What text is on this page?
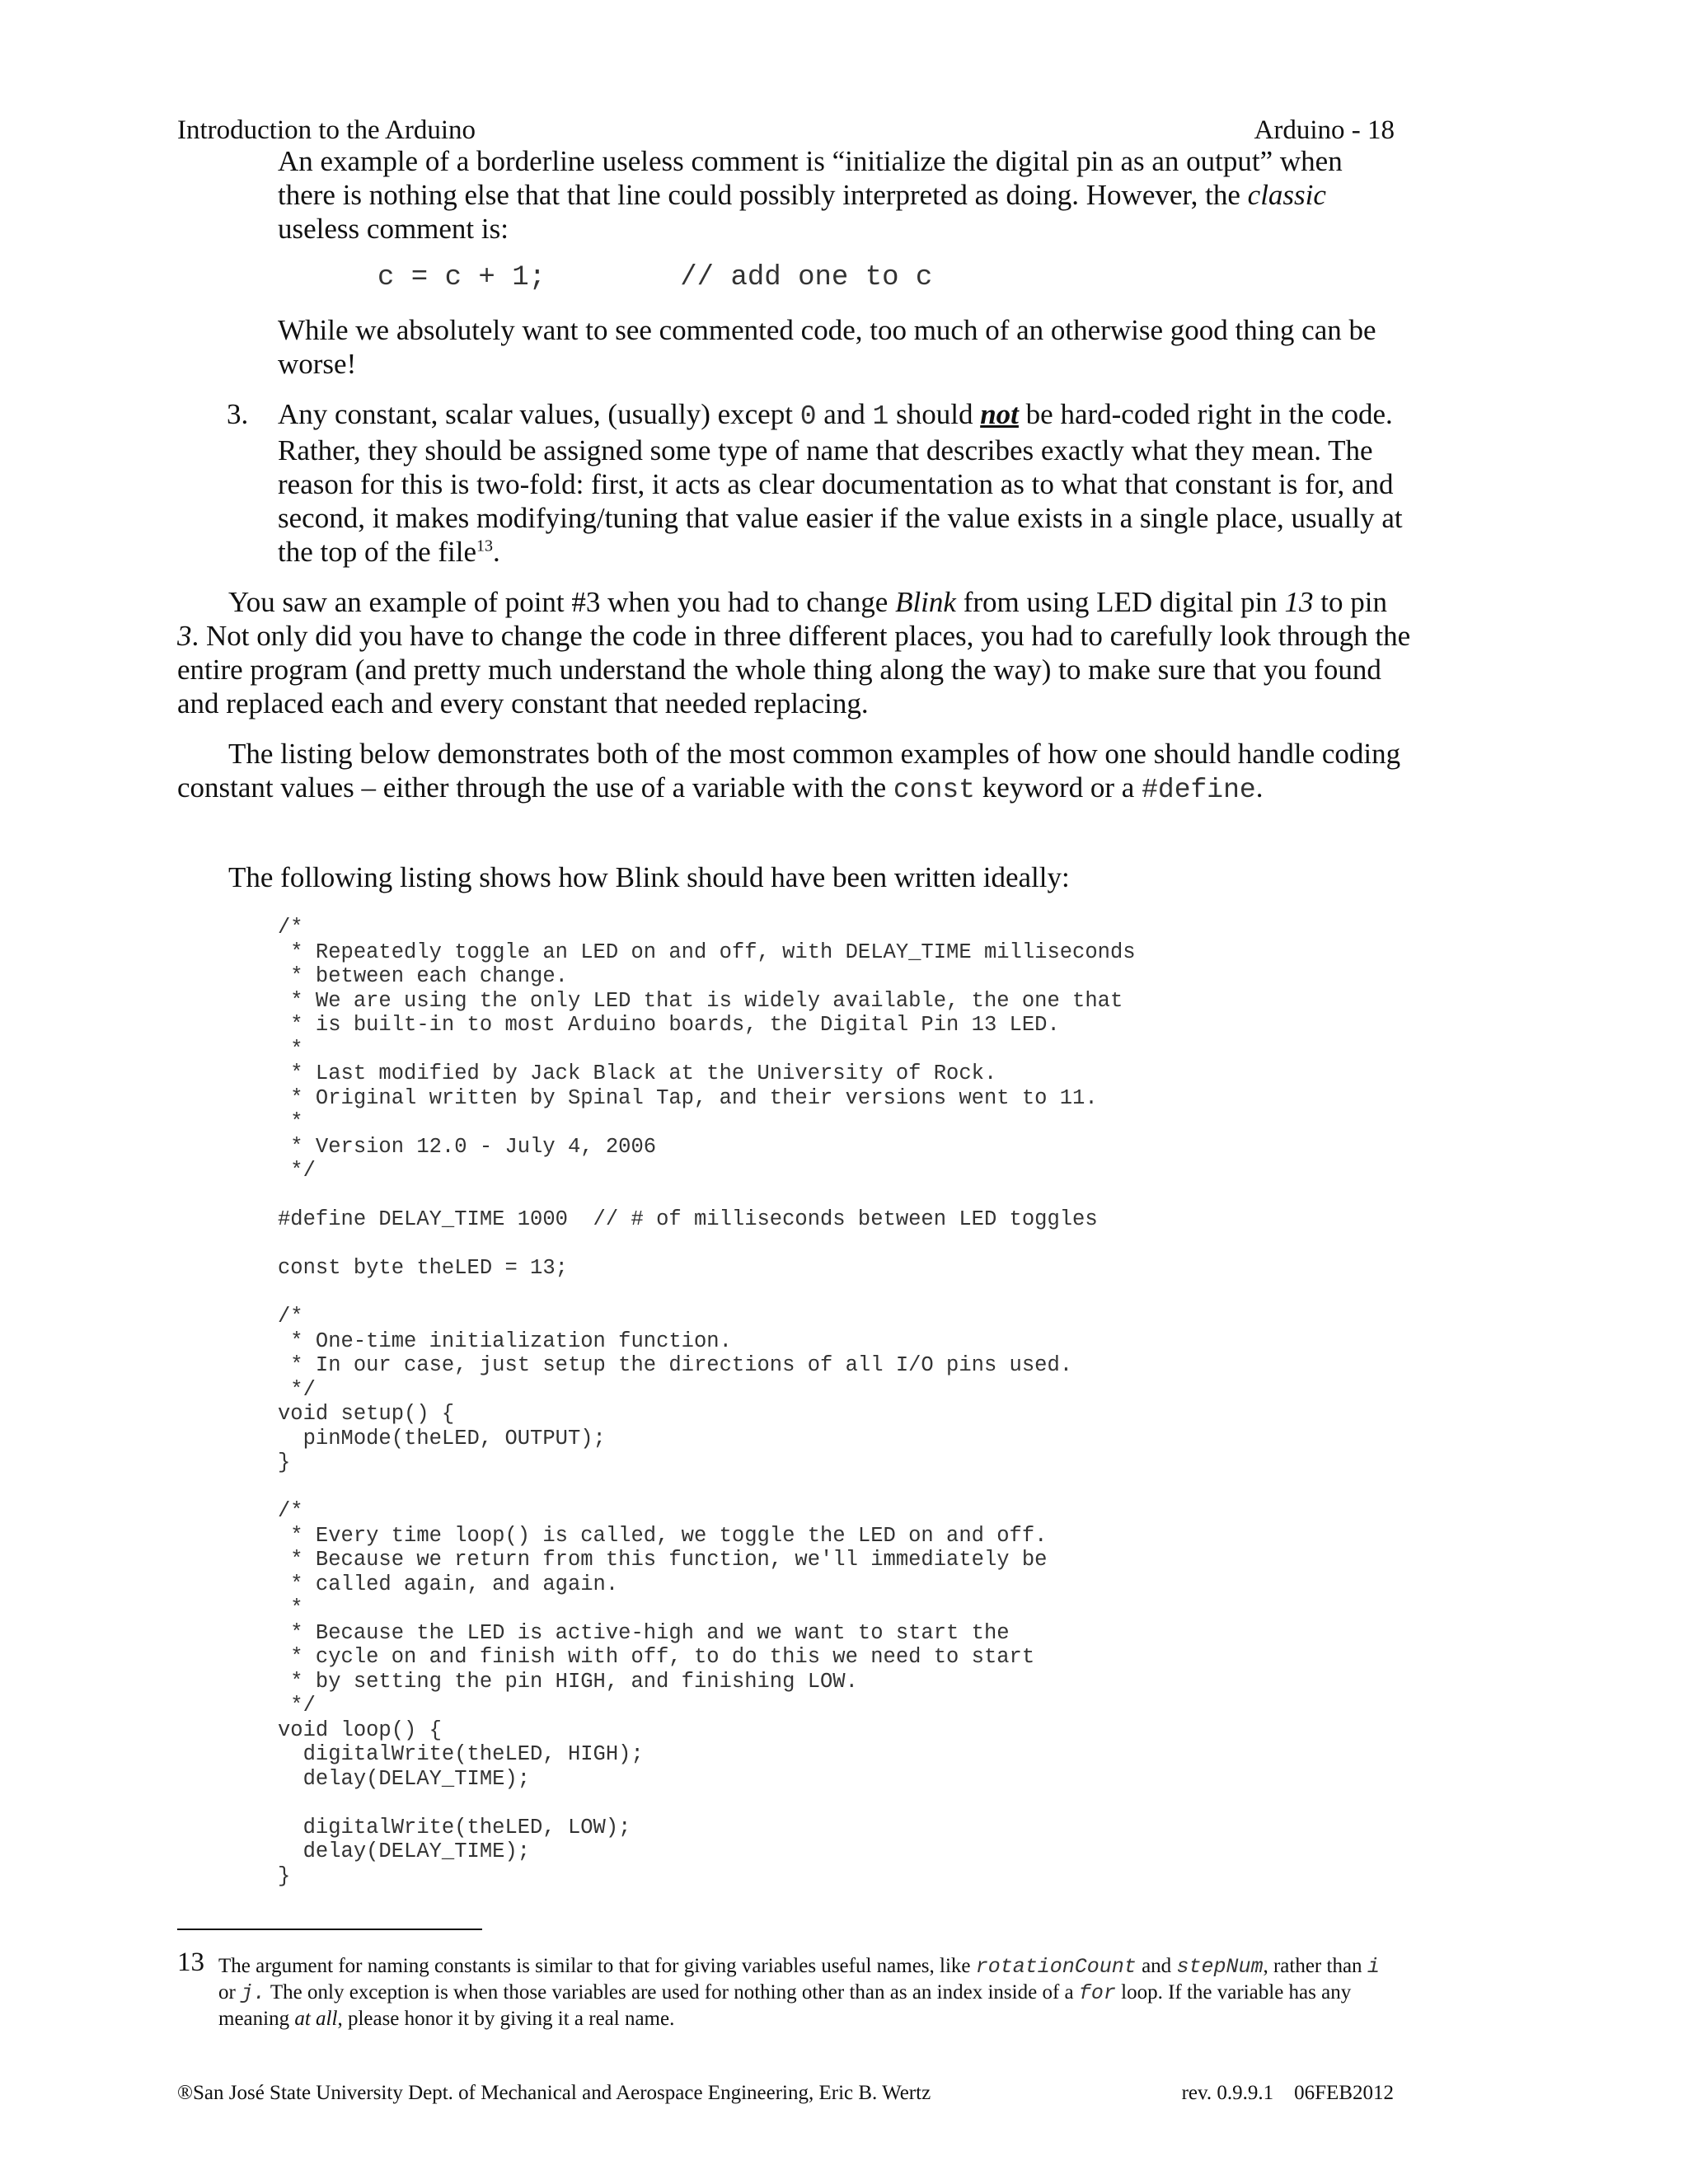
Introduction to the Arduino	Arduino - 18
An example of a borderline useless comment is “initialize the digital pin as an output” when there is nothing else that that line could possibly interpreted as doing. However, the classic useless comment is:
c = c + 1;        // add one to c
While we absolutely want to see commented code, too much of an otherwise good thing can be worse!
3. Any constant, scalar values, (usually) except 0 and 1 should not be hard-coded right in the code. Rather, they should be assigned some type of name that describes exactly what they mean. The reason for this is two-fold: first, it acts as clear documentation as to what that constant is for, and second, it makes modifying/tuning that value easier if the value exists in a single place, usually at the top of the file$^{13}$.
You saw an example of point #3 when you had to change Blink from using LED digital pin 13 to pin 3. Not only did you have to change the code in three different places, you had to carefully look through the entire program (and pretty much understand the whole thing along the way) to make sure that you found and replaced each and every constant that needed replacing.
The listing below demonstrates both of the most common examples of how one should handle coding constant values – either through the use of a variable with the const keyword or a #define.
The following listing shows how Blink should have been written ideally:
/*
* Repeatedly toggle an LED on and off, with DELAY_TIME milliseconds
* between each change.
* We are using the only LED that is widely available, the one that
* is built-in to most Arduino boards, the Digital Pin 13 LED.
*
* Last modified by Jack Black at the University of Rock.
* Original written by Spinal Tap, and their versions went to 11.
*
* Version 12.0 - July 4, 2006
*/

#define DELAY_TIME 1000  // # of milliseconds between LED toggles

const byte theLED = 13;

/*
* One-time initialization function.
* In our case, just setup the directions of all I/O pins used.
*/
void setup() {
pinMode(theLED, OUTPUT);
}

/*
* Every time loop() is called, we toggle the LED on and off.
* Because we return from this function, we'll immediately be
* called again, and again.
*
* Because the LED is active-high and we want to start the
* cycle on and finish with off, to do this we need to start
* by setting the pin HIGH, and finishing LOW.
*/
void loop() {
digitalWrite(theLED, HIGH);
delay(DELAY_TIME);

digitalWrite(theLED, LOW);
delay(DELAY_TIME);
}
13 The argument for naming constants is similar to that for giving variables useful names, like rotationCount and stepNum, rather than i or j. The only exception is when those variables are used for nothing other than as an index inside of a for loop. If the variable has any meaning at all, please honor it by giving it a real name.
®San José State University Dept. of Mechanical and Aerospace Engineering, Eric B. Wertz	rev. 0.9.9.1    06FEB2012
